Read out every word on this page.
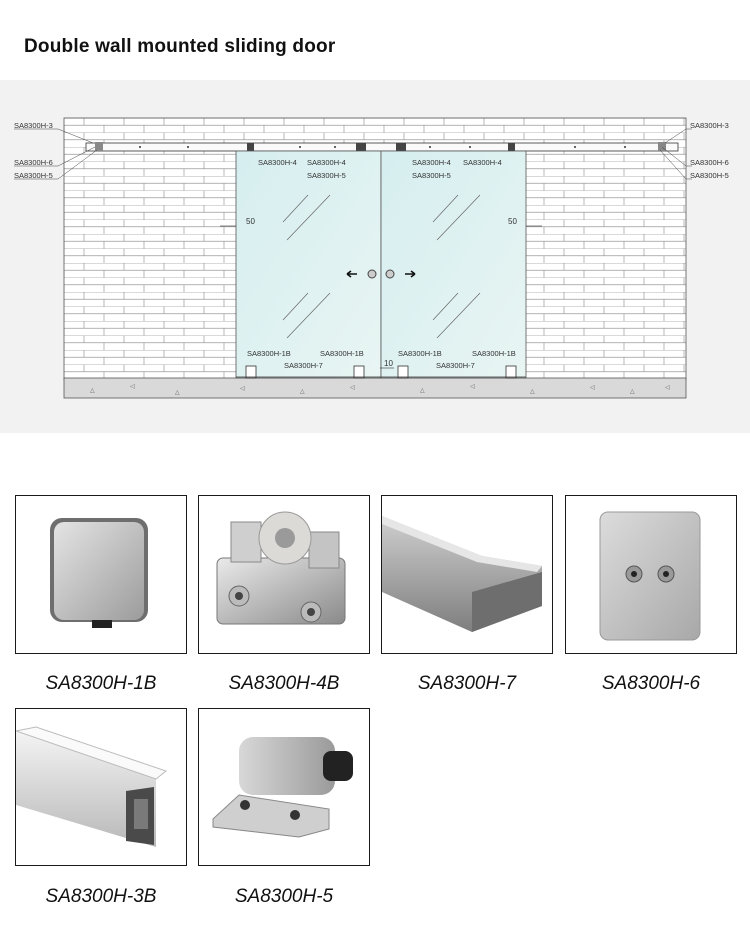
Double wall mounted sliding door
△
◁
△
◁	△
◁	△
◁
△
◁
△
◁
50	50
10
SA8300H-3
SA8300H-6
SA8300H-5
SA8300H-3
SA8300H-6
SA8300H-5
SA8300H-4 SA8300H-4
SA8300H-5
SA8300H-4
SA8300H-5
SA8300H-4
SA8300H-1B	SA8300H-1B	SA8300H-1B	SA8300H-1B
SA8300H-7	SA8300H-7
SA8300H-1B	SA8300H-4B	SA8300H-7	SA8300H-6
SA8300H-3B	SA8300H-5
